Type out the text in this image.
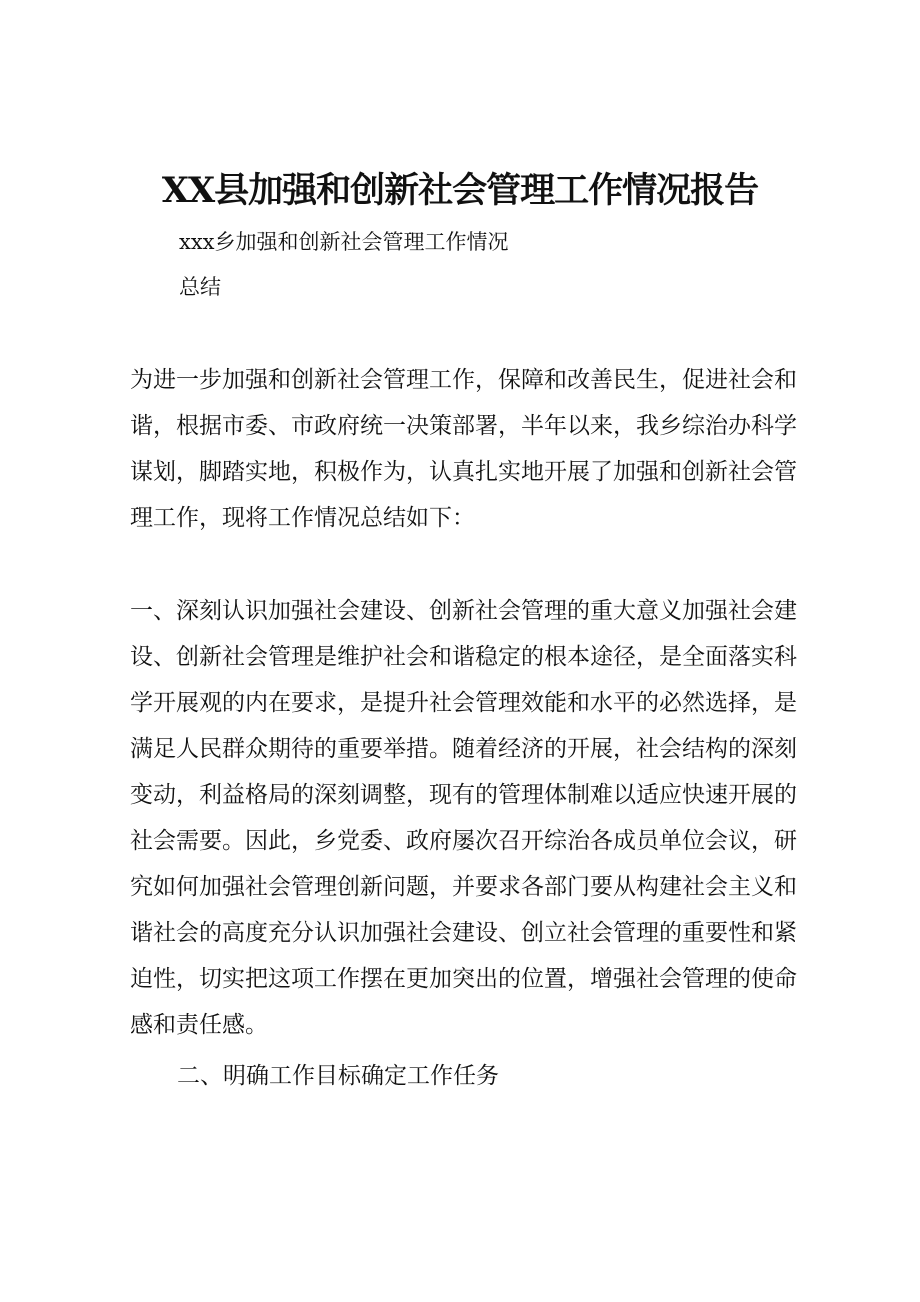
XX县加强和创新社会管理工作情况报告
xxx乡加强和创新社会管理工作情况
总结

为进一步加强和创新社会管理工作，保障和改善民生，促进社会和谐，根据市委、市政府统一决策部署，半年以来，我乡综治办科学谋划，脚踏实地，积极作为，认真扎实地开展了加强和创新社会管理工作，现将工作情况总结如下：

一、深刻认识加强社会建设、创新社会管理的重大意义加强社会建设、创新社会管理是维护社会和谐稳定的根本途径，是全面落实科学开展观的内在要求，是提升社会管理效能和水平的必然选择，是满足人民群众期待的重要举措。随着经济的开展，社会结构的深刻变动，利益格局的深刻调整，现有的管理体制难以适应快速开展的社会需要。因此，乡党委、政府屡次召开综治各成员单位会议，研究如何加强社会管理创新问题，并要求各部门要从构建社会主义和谐社会的高度充分认识加强社会建设、创立社会管理的重要性和紧迫性，切实把这项工作摆在更加突出的位置，增强社会管理的使命感和责任感。

二、明确工作目标确定工作任务
